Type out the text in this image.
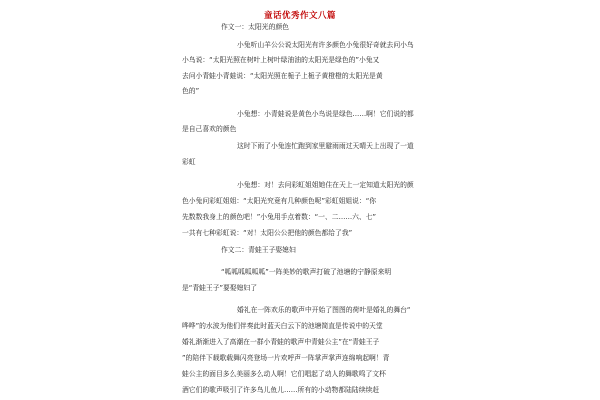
童话优秀作文八篇
作文一：太阳光的颜色
小兔听山羊公公说太阳光有许多颜色小兔很好奇就去问小鸟
小鸟说：“太阳光照在树叶上树叶绿油油的太阳光是绿色的”小兔又
去问小青蛙小青蛙说：“太阳光照在栀子上栀子黄橙橙的太阳光是黄
色的”
小兔想：小青蛙说是黄色小鸟说是绿色……啊！它们说的都
是自己喜欢的颜色
这时下雨了小兔连忙跑到家里避雨雨过天晴天上出现了一道
彩虹
小兔想：对！去问彩虹姐姐她住在天上一定知道太阳光的颜
色小兔问彩虹姐姐：“太阳光究竟有几种颜色呢”彩虹姐姐说：“你
先数数我身上的颜色吧！”小兔用手点着数：“一、二……六、七”
一共有七种彩虹说：“对！太阳公公把他的颜色都给了我”
作文二：青蛙王子娶媳妇
“呱呱呱呱呱呱”一阵美妙的歌声打破了池塘的宁静原来明
是“青蛙王子”要娶媳妇了
婚礼在一阵欢乐的歌声中开始了图图的荷叶是婚礼的舞台“
哗哗”的水波为他们伴奏此时蓝天白云下的池塘简直是传说中的天堂
婚礼渐渐进入了高潮在一群小青蛙的歌声中青蛙公主”在“青蛙王子
”的陪伴下载歌载舞闪亮登场一片欢呼声一阵掌声掌声连绵响起啊！青
蛙公主的面目多么美丽多么动人啊！它们唱起了动人的舞歌鸣了文杯
酒它们的歌声吸引了许多鸟儿鱼儿……所有的小动物都陆陆续续赶
